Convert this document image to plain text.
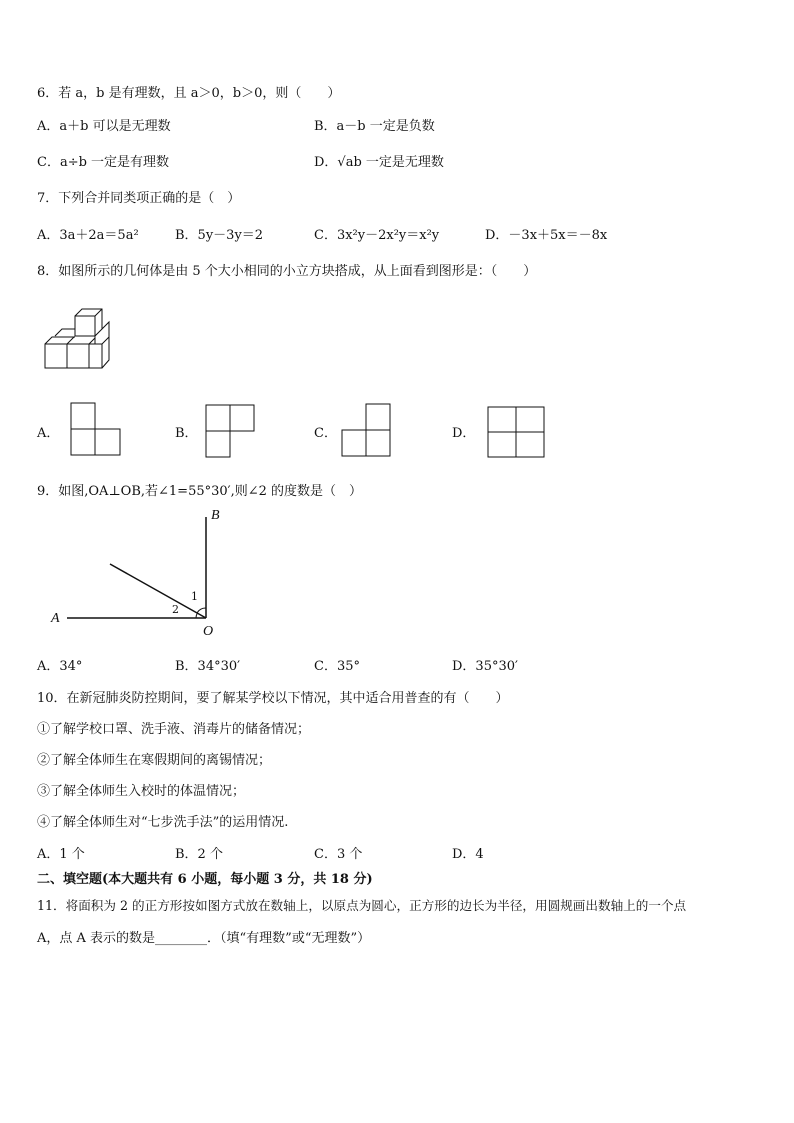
6．若 a，b 是有理数，且 a＞0，b＞0，则（　　）
A．a＋b 可以是无理数	B．a－b 一定是负数
C．a÷b 一定是有理数	D．√ab 一定是无理数
7．下列合并同类项正确的是（　）
A．3a＋2a＝5a²	B．5y－3y＝2	C．3x²y－2x²y＝x²y	D．－3x＋5x＝－8x
8．如图所示的几何体是由 5 个大小相同的小立方块搭成，从上面看到图形是：（　　）
A．	B．	C．	D．
9．如图,OA⊥OB,若∠1=55°30′,则∠2 的度数是（　）
B
A
O
1
2
A．34°	B．34°30′	C．35°	D．35°30′
10．在新冠肺炎防控期间，要了解某学校以下情况，其中适合用普查的有（　　）
①了解学校口罩、洗手液、消毒片的储备情况；
②了解全体师生在寒假期间的离锡情况；
③了解全体师生入校时的体温情况；
④了解全体师生对“七步洗手法”的运用情况.
A．1 个	B．2 个	C．3 个	D．4
二、填空题(本大题共有 6 小题，每小题 3 分，共 18 分)
11．将面积为 2 的正方形按如图方式放在数轴上，以原点为圆心，正方形的边长为半径，用圆规画出数轴上的一个点
A，点 A 表示的数是________．（填“有理数”或“无理数”）
